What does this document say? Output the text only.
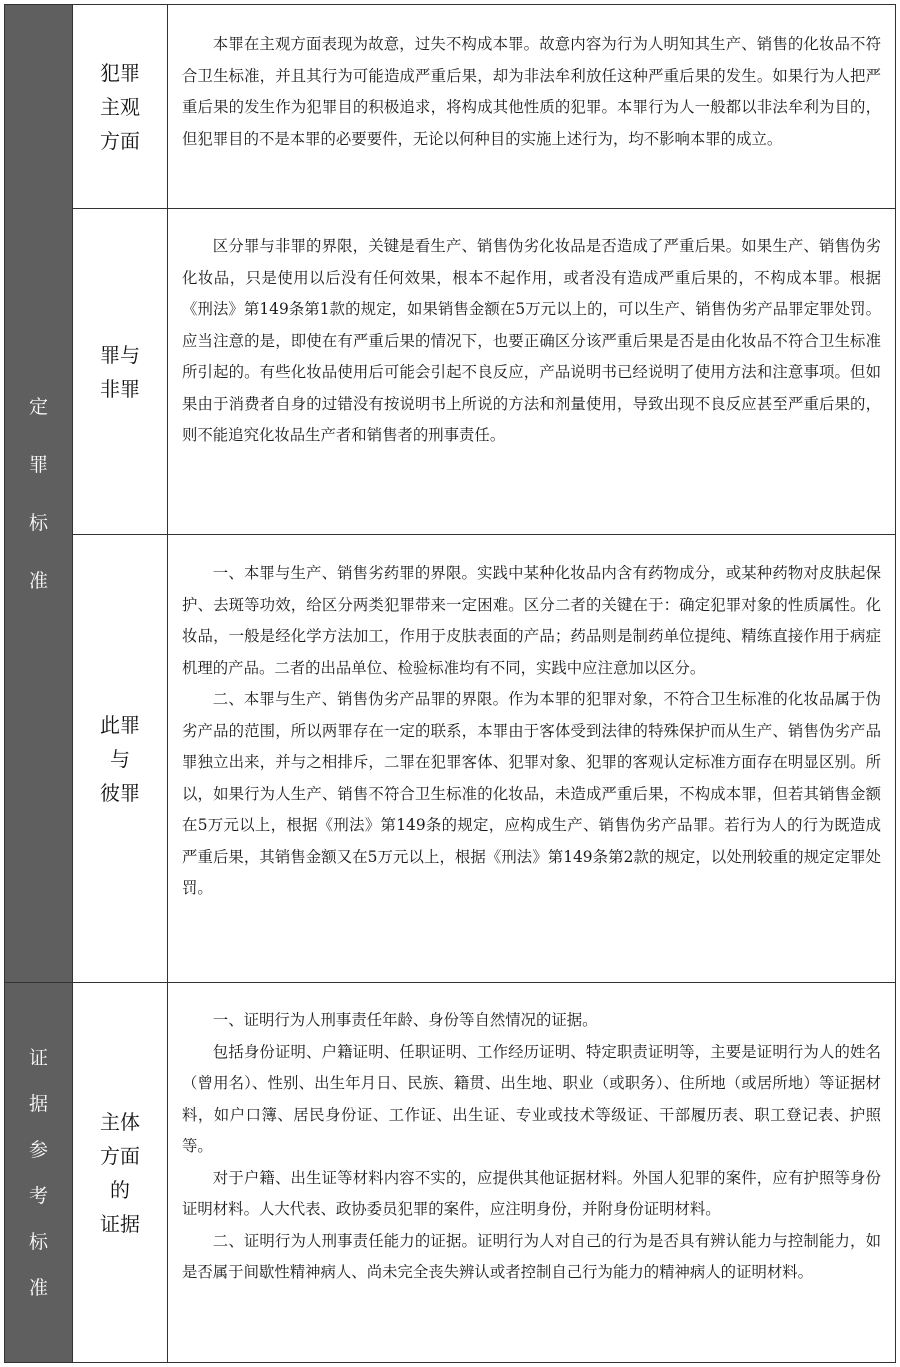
定
罪
标
准
犯罪
主观
方面

本罪在主观方面表现为故意，过失不构成本罪。故意内容为行为人明知其生产、销售的化妆品不符合卫生标准，并且其行为可能造成严重后果，却为非法牟利放任这种严重后果的发生。如果行为人把严重后果的发生作为犯罪目的积极追求，将构成其他性质的犯罪。本罪行为人一般都以非法牟利为目的，但犯罪目的不是本罪的必要要件，无论以何种目的实施上述行为，均不影响本罪的成立。

罪与
非罪

区分罪与非罪的界限，关键是看生产、销售伪劣化妆品是否造成了严重后果。如果生产、销售伪劣化妆品，只是使用以后没有任何效果，根本不起作用，或者没有造成严重后果的，不构成本罪。根据《刑法》第149条第1款的规定，如果销售金额在5万元以上的，可以生产、销售伪劣产品罪定罪处罚。应当注意的是，即使在有严重后果的情况下，也要正确区分该严重后果是否是由化妆品不符合卫生标准所引起的。有些化妆品使用后可能会引起不良反应，产品说明书已经说明了使用方法和注意事项。但如果由于消费者自身的过错没有按说明书上所说的方法和剂量使用，导致出现不良反应甚至严重后果的，则不能追究化妆品生产者和销售者的刑事责任。

此罪
与
彼罪

一、本罪与生产、销售劣药罪的界限。实践中某种化妆品内含有药物成分，或某种药物对皮肤起保护、去斑等功效，给区分两类犯罪带来一定困难。区分二者的关键在于：确定犯罪对象的性质属性。化妆品，一般是经化学方法加工，作用于皮肤表面的产品；药品则是制药单位提纯、精练直接作用于病症机理的产品。二者的出品单位、检验标准均有不同，实践中应注意加以区分。

二、本罪与生产、销售伪劣产品罪的界限。作为本罪的犯罪对象，不符合卫生标准的化妆品属于伪劣产品的范围，所以两罪存在一定的联系，本罪由于客体受到法律的特殊保护而从生产、销售伪劣产品罪独立出来，并与之相排斥，二罪在犯罪客体、犯罪对象、犯罪的客观认定标准方面存在明显区别。所以，如果行为人生产、销售不符合卫生标准的化妆品，未造成严重后果，不构成本罪，但若其销售金额在5万元以上，根据《刑法》第149条的规定，应构成生产、销售伪劣产品罪。若行为人的行为既造成严重后果，其销售金额又在5万元以上，根据《刑法》第149条第2款的规定，以处刑较重的规定定罪处罚。

证
据
参
考
标
准
主体
方面
的
证据

一、证明行为人刑事责任年龄、身份等自然情况的证据。

包括身份证明、户籍证明、任职证明、工作经历证明、特定职责证明等，主要是证明行为人的姓名（曾用名）、性别、出生年月日、民族、籍贯、出生地、职业（或职务）、住所地（或居所地）等证据材料，如户口簿、居民身份证、工作证、出生证、专业或技术等级证、干部履历表、职工登记表、护照等。

对于户籍、出生证等材料内容不实的，应提供其他证据材料。外国人犯罪的案件，应有护照等身份证明材料。人大代表、政协委员犯罪的案件，应注明身份，并附身份证明材料。

二、证明行为人刑事责任能力的证据。证明行为人对自己的行为是否具有辨认能力与控制能力，如是否属于间歇性精神病人、尚未完全丧失辨认或者控制自己行为能力的精神病人的证明材料。
